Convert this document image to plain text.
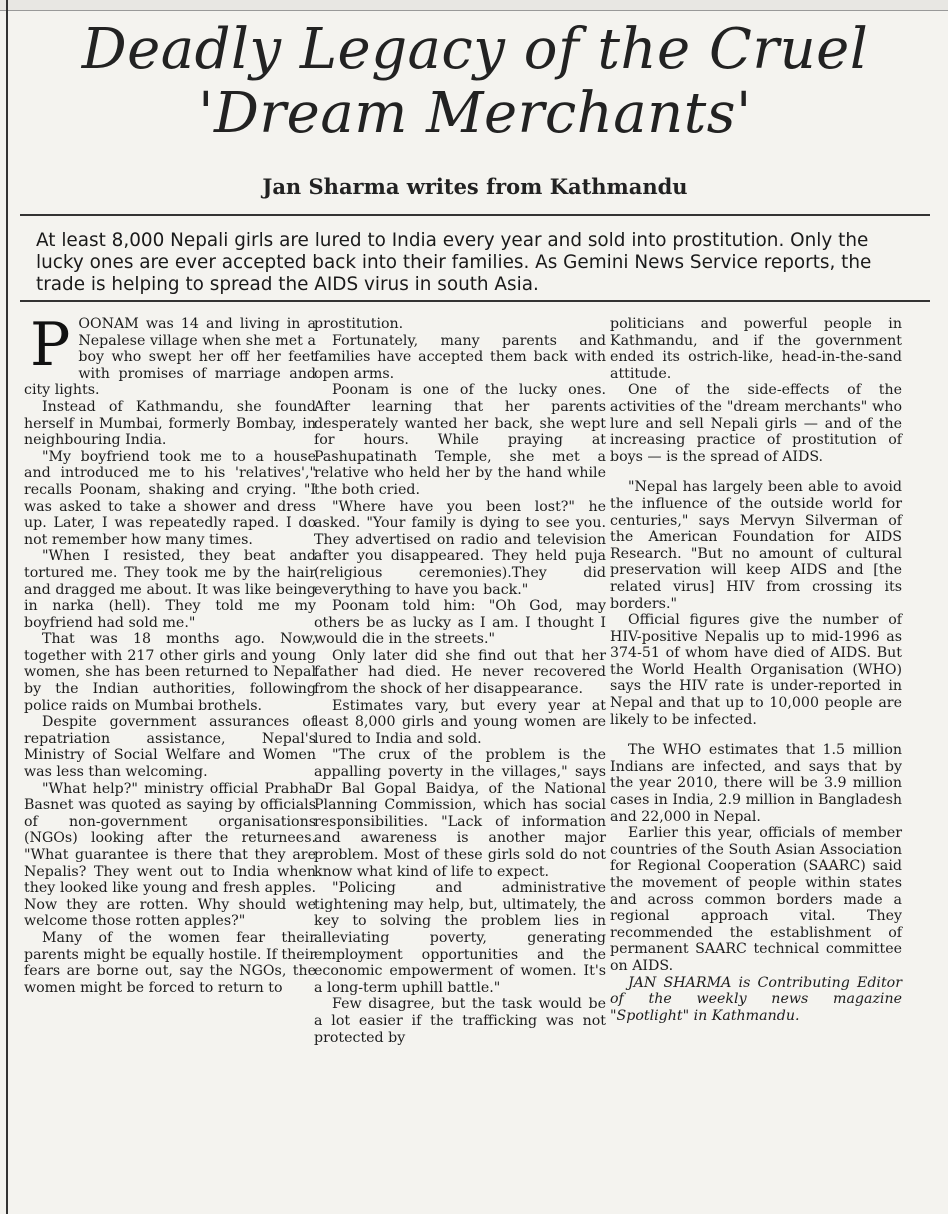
Deadly Legacy of the Cruel
'Dream Merchants'
Jan Sharma writes from Kathmandu

At least 8,000 Nepali girls are lured to India every year and sold into prostitution. Only the lucky ones are ever accepted back into their families. As Gemini News Service reports, the trade is helping to spread the AIDS virus in south Asia.

POONAM was 14 and living in a Nepalese village when she met a boy who swept her off her feet with promises of marriage and city lights.

Instead of Kathmandu, she found herself in Mumbai, formerly Bombay, in neighbouring India.

"My boyfriend took me to a house and introduced me to his 'relatives'," recalls Poonam, shaking and crying. "I was asked to take a shower and dress up. Later, I was repeatedly raped. I do not remember how many times.

"When I resisted, they beat and tortured me. They took me by the hair and dragged me about. It was like being in narka (hell). They told me my boyfriend had sold me."

That was 18 months ago. Now, together with 217 other girls and young women, she has been returned to Nepal by the Indian authorities, following police raids on Mumbai brothels.

Despite government assurances of repatriation assistance, Nepal's Ministry of Social Welfare and Women was less than welcoming.

"What help?" ministry official Prabha Basnet was quoted as saying by officials of non-government organisations (NGOs) looking after the returnees. "What guarantee is there that they are Nepalis? They went out to India when they looked like young and fresh apples. Now they are rotten. Why should we welcome those rotten apples?"

Many of the women fear their parents might be equally hostile. If their fears are borne out, say the NGOs, the women might be forced to return to

prostitution.

Fortunately, many parents and families have accepted them back with open arms.

Poonam is one of the lucky ones. After learning that her parents desperately wanted her back, she wept for hours. While praying at Pashupatinath Temple, she met a relative who held her by the hand while the both cried.

"Where have you been lost?" he asked. "Your family is dying to see you. They advertised on radio and television after you disappeared. They held puja (religious ceremonies).They did everything to have you back."

Poonam told him: "Oh God, may others be as lucky as I am. I thought I would die in the streets."

Only later did she find out that her father had died. He never recovered from the shock of her disappearance.

Estimates vary, but every year at least 8,000 girls and young women are lured to India and sold.

"The crux of the problem is the appalling poverty in the villages," says Dr Bal Gopal Baidya, of the National Planning Commission, which has social responsibilities. "Lack of information and awareness is another major problem. Most of these girls sold do not know what kind of life to expect.

"Policing and administrative tightening may help, but, ultimately, the key to solving the problem lies in alleviating poverty, generating employment opportunities and the economic empowerment of women. It's a long-term uphill battle."

Few disagree, but the task would be a lot easier if the trafficking was not protected by

politicians and powerful people in Kathmandu, and if the government ended its ostrich-like, head-in-the-sand attitude.

One of the side-effects of the activities of the "dream merchants" who lure and sell Nepali girls — and of the increasing practice of prostitution of boys — is the spread of AIDS.

"Nepal has largely been able to avoid the influence of the outside world for centuries," says Mervyn Silverman of the American Foundation for AIDS Research. "But no amount of cultural preservation will keep AIDS and [the related virus] HIV from crossing its borders."

Official figures give the number of HIV-positive Nepalis up to mid-1996 as 374-51 of whom have died of AIDS. But the World Health Organisation (WHO) says the HIV rate is under-reported in Nepal and that up to 10,000 people are likely to be infected.

The WHO estimates that 1.5 million Indians are infected, and says that by the year 2010, there will be 3.9 million cases in India, 2.9 million in Bangladesh and 22,000 in Nepal.

Earlier this year, officials of member countries of the South Asian Association for Regional Cooperation (SAARC) said the movement of people within states and across common borders made a regional approach vital. They recommended the establishment of permanent SAARC technical committee on AIDS.

JAN SHARMA is Contributing Editor of the weekly news magazine "Spotlight" in Kathmandu.
